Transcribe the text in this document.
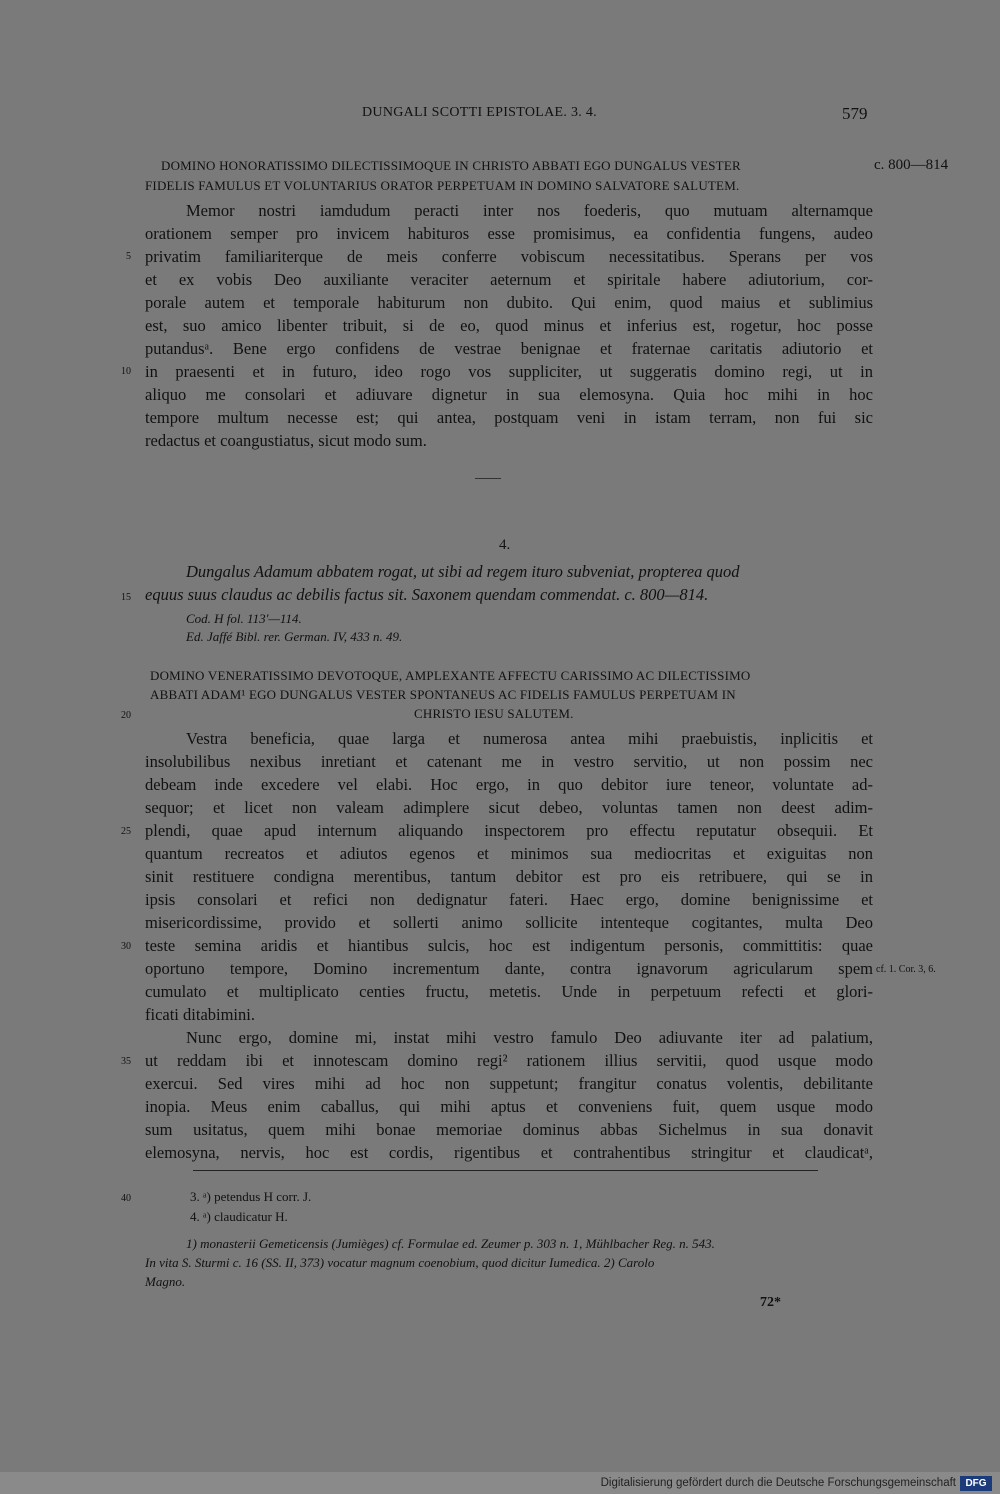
DUNGALI SCOTTI EPISTOLAE. 3. 4.	579
DOMINO HONORATISSIMO DILECTISSIMOQUE IN CHRISTO ABBATI EGO DUNGALUS VESTER
FIDELIS FAMULUS ET VOLUNTARIUS ORATOR PERPETUAM IN DOMINO SALVATORE SALUTEM.
c. 800—814
Memor nostri iamdudum peracti inter nos foederis, quo mutuam alternamque
orationem semper pro invicem habituros esse promisimus, ea confidentia fungens, audeo
privatim familiariterque de meis conferre vobiscum necessitatibus. Sperans per vos
et ex vobis Deo auxiliante veraciter aeternum et spiritale habere adiutorium, cor-
porale autem et temporale habiturum non dubito. Qui enim, quod maius et sublimius
est, suo amico libenter tribuit, si de eo, quod minus et inferius est, rogetur, hoc posse
putandusᵃ. Bene ergo confidens de vestrae benignae et fraternae caritatis adiutorio et
in praesenti et in futuro, ideo rogo vos suppliciter, ut suggeratis domino regi, ut in
aliquo me consolari et adiuvare dignetur in sua elemosyna. Quia hoc mihi in hoc
tempore multum necesse est; qui antea, postquam veni in istam terram, non fui sic
redactus et coangustiatus, sicut modo sum.
5
10
4.
Dungalus Adamum abbatem rogat, ut sibi ad regem ituro subveniat, propterea quod
equus suus claudus ac debilis factus sit. Saxonem quendam commendat. c. 800—814.
Cod. H fol. 113'—114.
Ed. Jaffé Bibl. rer. German. IV, 433 n. 49.
DOMINO VENERATISSIMO DEVOTOQUE, AMPLEXANTE AFFECTU CARISSIMO AC DILECTISSIMO
ABBATI ADAM¹ EGO DUNGALUS VESTER SPONTANEUS AC FIDELIS FAMULUS PERPETUAM IN
CHRISTO IESU SALUTEM.
Vestra beneficia, quae larga et numerosa antea mihi praebuistis, inplicitis et
insolubilibus nexibus inretiant et catenant me in vestro servitio, ut non possim nec
debeam inde excedere vel elabi. Hoc ergo, in quo debitor iure teneor, voluntate ad-
sequor; et licet non valeam adimplere sicut debeo, voluntas tamen non deest adim-
plendi, quae apud internum aliquando inspectorem pro effectu reputatur obsequii. Et
quantum recreatos et adiutos egenos et minimos sua mediocritas et exiguitas non
sinit restituere condigna merentibus, tantum debitor est pro eis retribuere, qui se in
ipsis consolari et refici non dedignatur fateri. Haec ergo, domine benignissime et
misericordissime, provido et sollerti animo sollicite intenteque cogitantes, multa Deo
teste semina aridis et hiantibus sulcis, hoc est indigentum personis, committitis: quae
oportuno tempore, Domino incrementum dante, contra ignavorum agricularum spem
cumulato et multiplicato centies fructu, metetis. Unde in perpetuum refecti et glori-
ficati ditabimini.
Nunc ergo, domine mi, instat mihi vestro famulo Deo adiuvante iter ad palatium,
ut reddam ibi et innotescam domino regi² rationem illius servitii, quod usque modo
exercui. Sed vires mihi ad hoc non suppetunt; frangitur conatus volentis, debilitante
inopia. Meus enim caballus, qui mihi aptus et conveniens fuit, quem usque modo
sum usitatus, quem mihi bonae memoriae dominus abbas Sichelmus in sua donavit
elemosyna, nervis, hoc est cordis, rigentibus et contrahentibus stringitur et claudicatᵃ,
cf. 1. Cor. 3, 6.
15
20
25
30
35
40	3. ᵃ) petendus H corr. J.
4. ᵃ) claudicatur H.
1) monasterii Gemeticensis (Jumièges) cf. Formulae ed. Zeumer p. 303 n. 1, Mühlbacher Reg. n. 543.
In vita S. Sturmi c. 16 (SS. II, 373) vocatur magnum coenobium, quod dicitur Iumedica. 2) Carolo
Magno.
72*
Digitalisierung gefördert durch die Deutsche Forschungsgemeinschaft DFG
